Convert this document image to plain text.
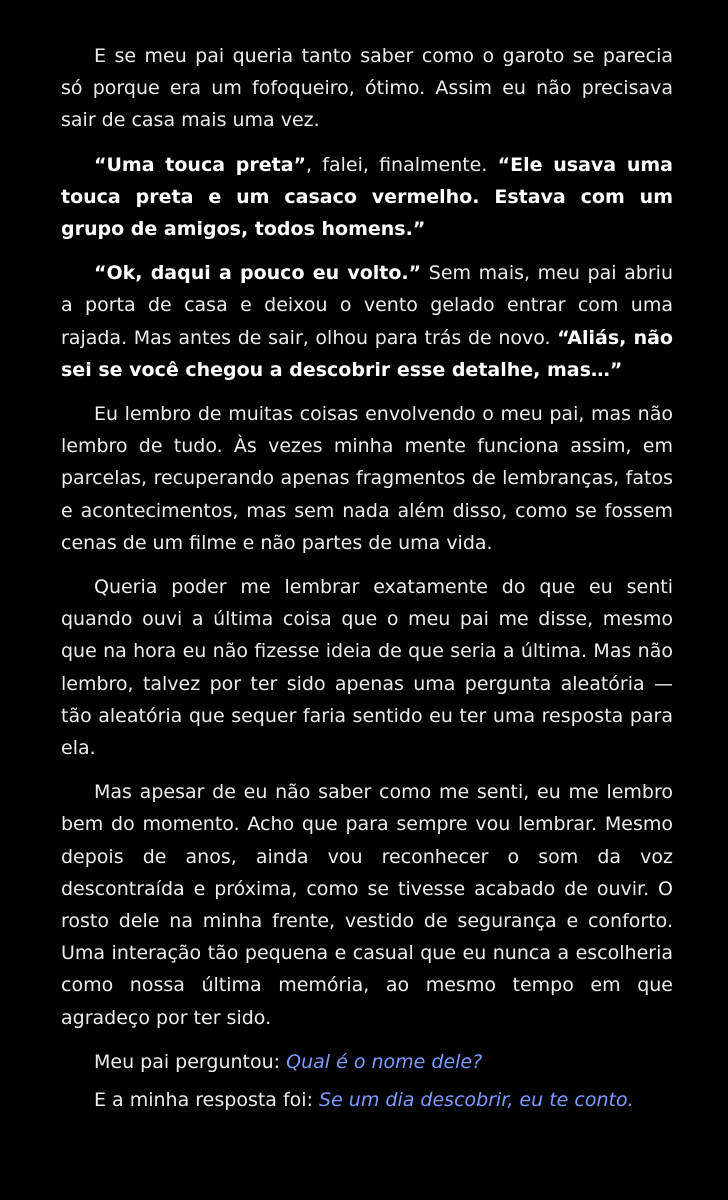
E se meu pai queria tanto saber como o garoto se parecia só porque era um fofoqueiro, ótimo. Assim eu não precisava sair de casa mais uma vez.

“Uma touca preta”, falei, finalmente. “Ele usava uma touca preta e um casaco vermelho. Estava com um grupo de amigos, todos homens.”

“Ok, daqui a pouco eu volto.” Sem mais, meu pai abriu a porta de casa e deixou o vento gelado entrar com uma rajada. Mas antes de sair, olhou para trás de novo. “Aliás, não sei se você chegou a descobrir esse detalhe, mas…”

Eu lembro de muitas coisas envolvendo o meu pai, mas não lembro de tudo. Às vezes minha mente funciona assim, em parcelas, recuperando apenas fragmentos de lembranças, fatos e acontecimentos, mas sem nada além disso, como se fossem cenas de um filme e não partes de uma vida.

Queria poder me lembrar exatamente do que eu senti quando ouvi a última coisa que o meu pai me disse, mesmo que na hora eu não fizesse ideia de que seria a última. Mas não lembro, talvez por ter sido apenas uma pergunta aleatória — tão aleatória que sequer faria sentido eu ter uma resposta para ela.

Mas apesar de eu não saber como me senti, eu me lembro bem do momento. Acho que para sempre vou lembrar. Mesmo depois de anos, ainda vou reconhecer o som da voz descontraída e próxima, como se tivesse acabado de ouvir. O rosto dele na minha frente, vestido de segurança e conforto. Uma interação tão pequena e casual que eu nunca a escolheria como nossa última memória, ao mesmo tempo em que agradeço por ter sido.

Meu pai perguntou: Qual é o nome dele?

E a minha resposta foi: Se um dia descobrir, eu te conto.
